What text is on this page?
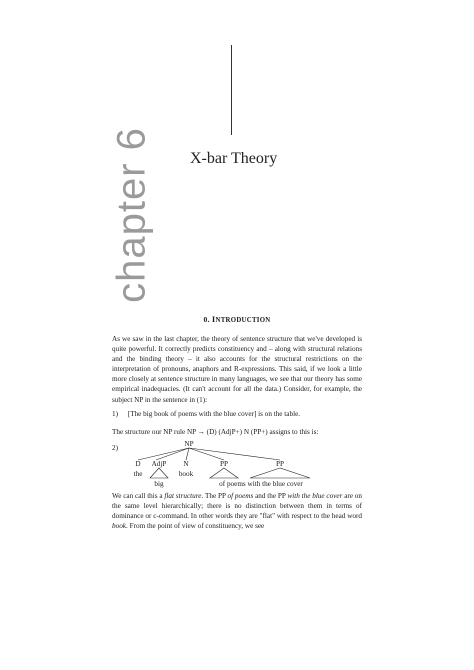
chapter 6 X-bar Theory
0. INTRODUCTION
As we saw in the last chapter, the theory of sentence structure that we've developed is quite powerful. It correctly predicts constituency and – along with structural relations and the binding theory – it also accounts for the structural restrictions on the interpretation of pronouns, anaphors and R-expressions. This said, if we look a little more closely at sentence structure in many languages, we see that our theory has some empirical inadequacies. (It can't account for all the data.) Consider, for example, the subject NP in the sentence in (1):
1) [The big book of poems with the blue cover] is on the table.
The structure our NP rule NP → (D) (AdjP+) N (PP+) assigns to this is:
2)	NP
D AdjP N	PP	PP
the
big
book
of poems with the blue cover
We can call this a flat structure. The PP of poems and the PP with the blue cover are on the same level hierarchically; there is no distinction between them in terms of dominance or c-command. In other words they are "flat" with respect to the head word book. From the point of view of constituency, we see
